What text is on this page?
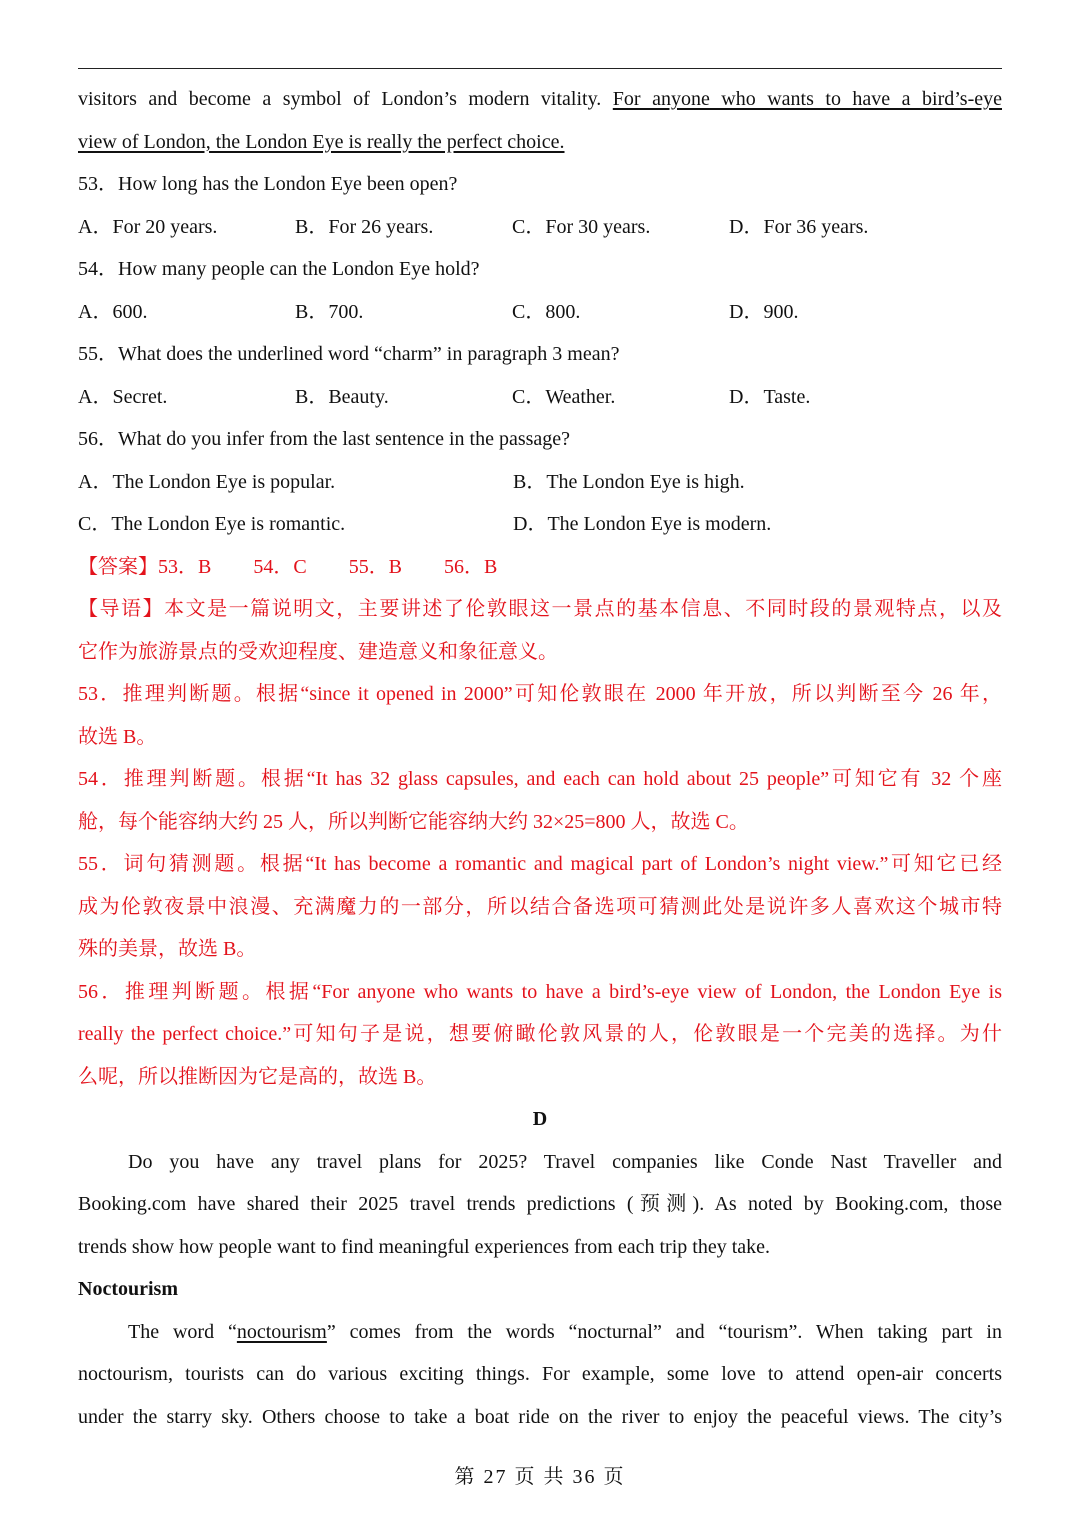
visitors and become a symbol of London’s modern vitality. For anyone who wants to have a bird’s-eye
view of London, the London Eye is really the perfect choice.
53．How long has the London Eye been open?
A．For 20 years.	B．For 26 years.	C．For 30 years.	D．For 36 years.
54．How many people can the London Eye hold?
A．600.	B．700.	C．800.	D．900.
55．What does the underlined word “charm” in paragraph 3 mean?
A．Secret.	B．Beauty.	C．Weather.	D．Taste.
56．What do you infer from the last sentence in the passage?
A．The London Eye is popular.	B．The London Eye is high.
C．The London Eye is romantic.	D．The London Eye is modern.
【答案】53．B 54．C 55．B 56．B
【导语】本文是一篇说明文，主要讲述了伦敦眼这一景点的基本信息、不同时段的景观特点，以及
它作为旅游景点的受欢迎程度、建造意义和象征意义。
53．推理判断题。根据“since it opened in 2000”可知伦敦眼在 2000 年开放，所以判断至今 26 年，
故选 B。
54．推理判断题。根据“It has 32 glass capsules, and each can hold about 25 people”可知它有 32 个座
舱，每个能容纳大约 25 人，所以判断它能容纳大约 32×25=800 人，故选 C。
55．词句猜测题。根据“It has become a romantic and magical part of London’s night view.”可知它已经
成为伦敦夜景中浪漫、充满魔力的一部分，所以结合备选项可猜测此处是说许多人喜欢这个城市特
殊的美景，故选 B。
56．推理判断题。根据“For anyone who wants to have a bird’s-eye view of London, the London Eye is
really the perfect choice.”可知句子是说，想要俯瞰伦敦风景的人，伦敦眼是一个完美的选择。为什
么呢，所以推断因为它是高的，故选 B。
D
Do you have any travel plans for 2025? Travel companies like Conde Nast Traveller and
Booking.com have shared their 2025 travel trends predictions (预测). As noted by Booking.com, those
trends show how people want to find meaningful experiences from each trip they take.
Noctourism
The word “noctourism” comes from the words “nocturnal” and “tourism”. When taking part in
noctourism, tourists can do various exciting things. For example, some love to attend open-air concerts
under the starry sky. Others choose to take a boat ride on the river to enjoy the peaceful views. The city’s
第 27 页 共 36 页
